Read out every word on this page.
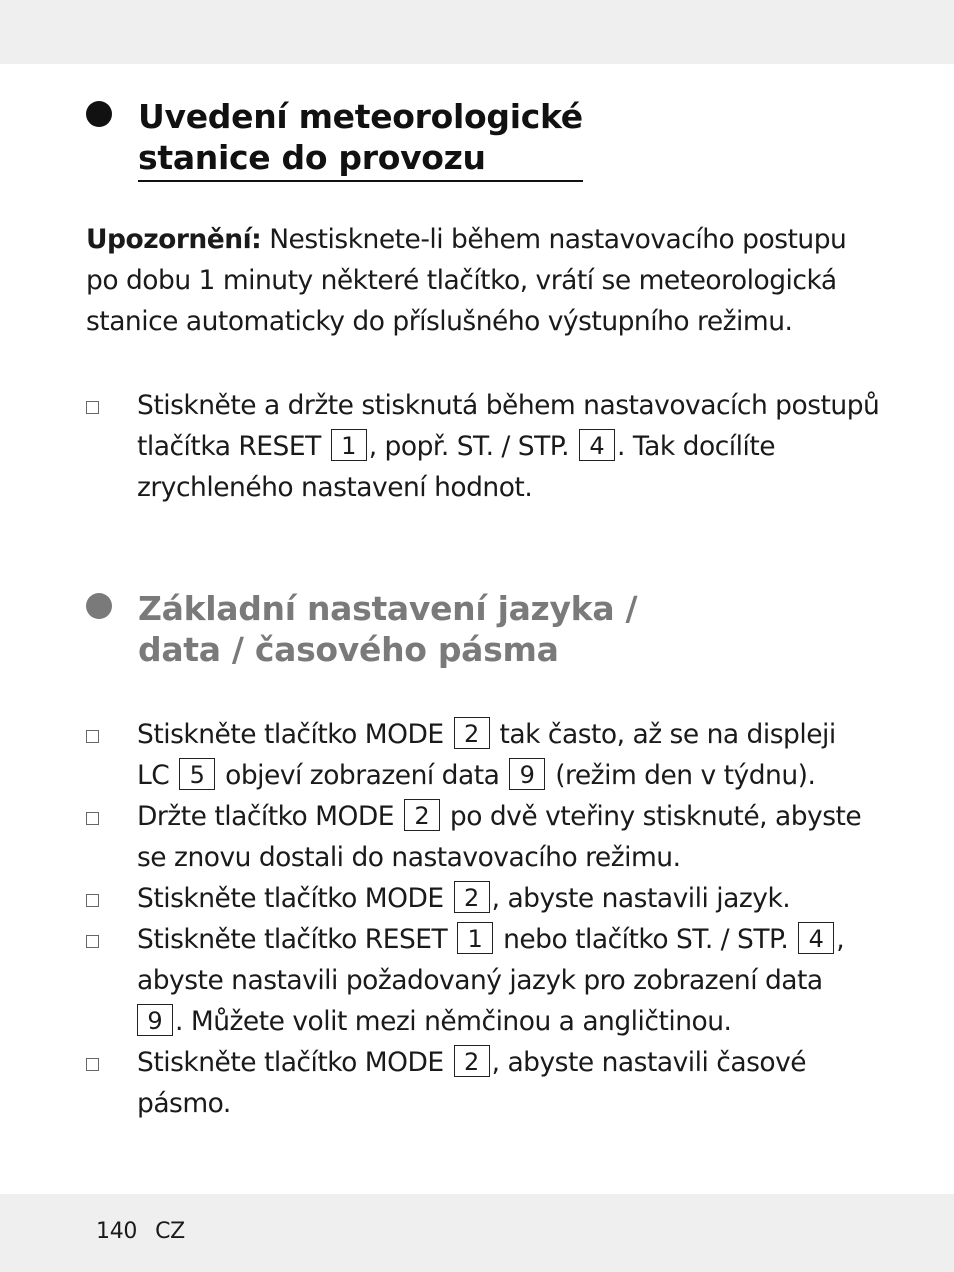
Uvedení meteorologické
stanice do provozu
Upozornění: Nestisknete-li během nastavovacího postupu
po dobu 1 minuty některé tlačítko, vrátí se meteorologická
stanice automaticky do příslušného výstupního režimu.
Stiskněte a držte stisknutá během nastavovacích postupů
tlačítka RESET 1 , popř. ST. / STP. 4 . Tak docílíte
zrychleného nastavení hodnot.
Základní nastavení jazyka /
data / časového pásma
Stiskněte tlačítko MODE 2 tak často, až se na displeji
LC 5 objeví zobrazení data 9 (režim den v týdnu).
Držte tlačítko MODE 2 po dvě vteřiny stisknuté, abyste
se znovu dostali do nastavovacího režimu.
Stiskněte tlačítko MODE 2 , abyste nastavili jazyk.
Stiskněte tlačítko RESET 1 nebo tlačítko ST. / STP. 4 ,
abyste nastavili požadovaný jazyk pro zobrazení data
9 . Můžete volit mezi němčinou a angličtinou.
Stiskněte tlačítko MODE 2 , abyste nastavili časové
pásmo.
140 CZ
